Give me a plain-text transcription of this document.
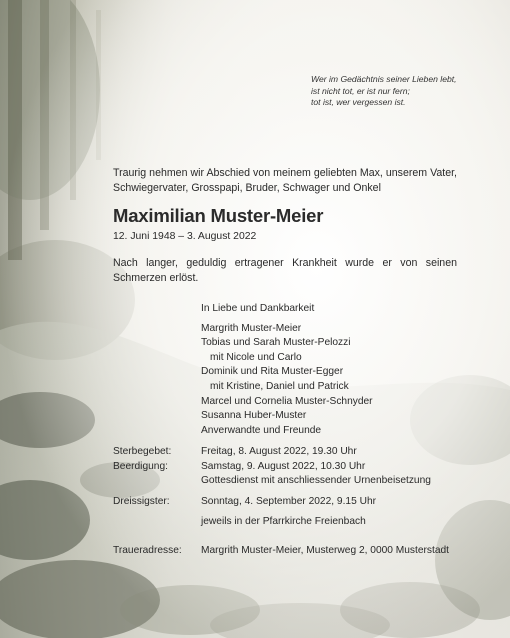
Wer im Gedächtnis seiner Lieben lebt,
ist nicht tot, er ist nur fern;
tot ist, wer vergessen ist.
Traurig nehmen wir Abschied von meinem geliebten Max, unserem Vater, Schwiegervater, Grosspapi, Bruder, Schwager und Onkel
Maximilian Muster-Meier
12. Juni 1948 – 3. August 2022
Nach langer, geduldig ertragener Krankheit wurde er von seinen Schmerzen erlöst.
In Liebe und Dankbarkeit
Margrith Muster-Meier
Tobias und Sarah Muster-Pelozzi
mit Nicole und Carlo
Dominik und Rita Muster-Egger
mit Kristine, Daniel und Patrick
Marcel und Cornelia Muster-Schnyder
Susanna Huber-Muster
Anverwandte und Freunde
Sterbegebet:	Freitag, 8. August 2022, 19.30 Uhr
Beerdigung:	Samstag, 9. August 2022, 10.30 Uhr
Gottesdienst mit anschliessender Urnenbeisetzung
Dreissigster:	Sonntag, 4. September 2022, 9.15 Uhr
jeweils in der Pfarrkirche Freienbach
Traueradresse:	Margrith Muster-Meier, Musterweg 2, 0000 Musterstadt
